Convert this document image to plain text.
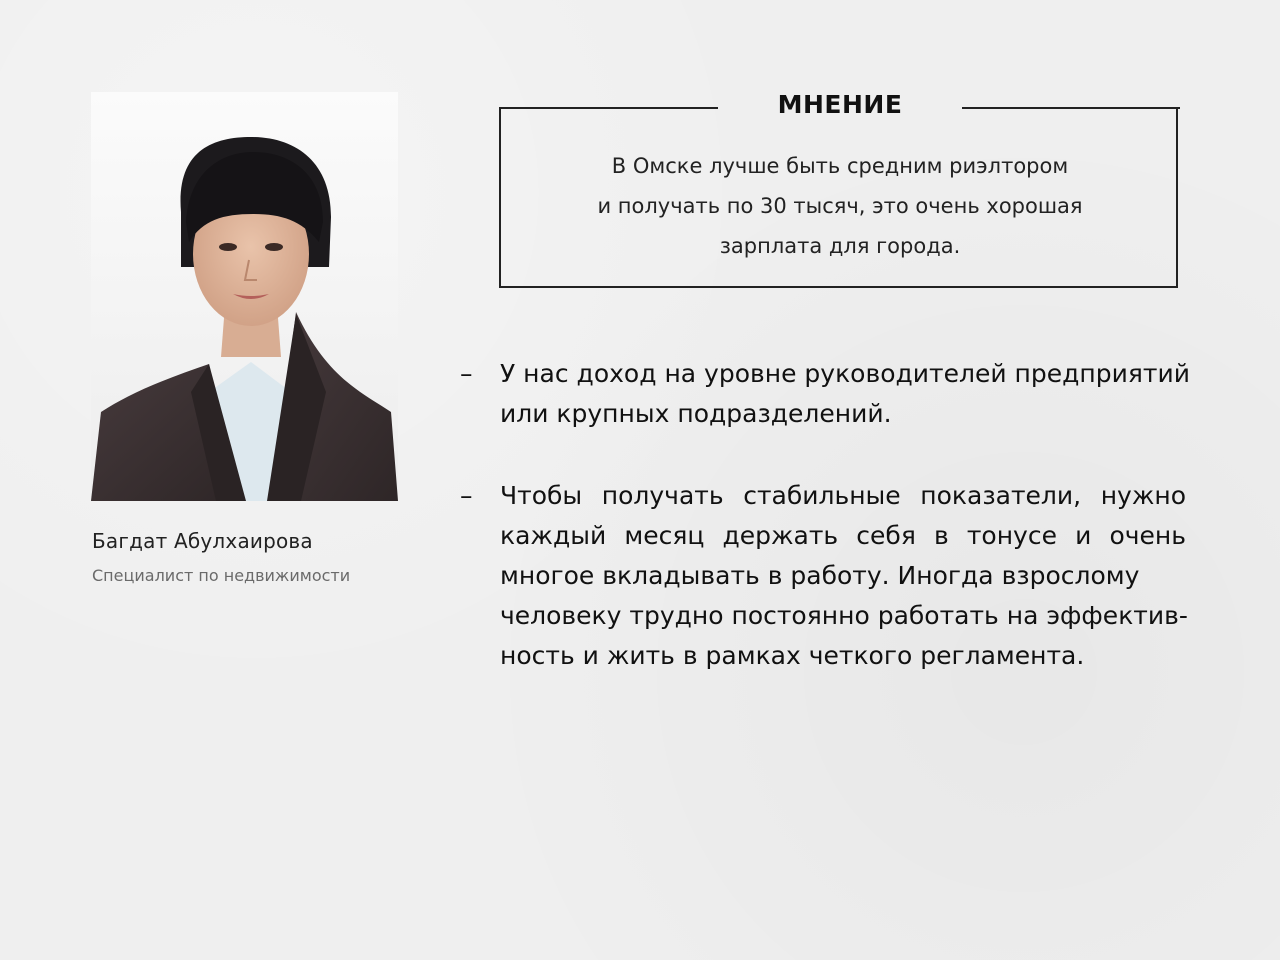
Багдат Абулхаирова
Специалист по недвижимости
МНЕНИЕ
В Омске лучше быть средним риэлтором
и получать по 30 тысяч, это очень хорошая
зарплата для города.
– У нас доход на уровне руководителей предприятий
или крупных подразделений.
– Чтобы получать стабильные показатели, нужно
каждый месяц держать себя в тонусе и очень
многое вкладывать в работу. Иногда взрослому
человеку трудно постоянно работать на эффектив-
ность и жить в рамках четкого регламента.
